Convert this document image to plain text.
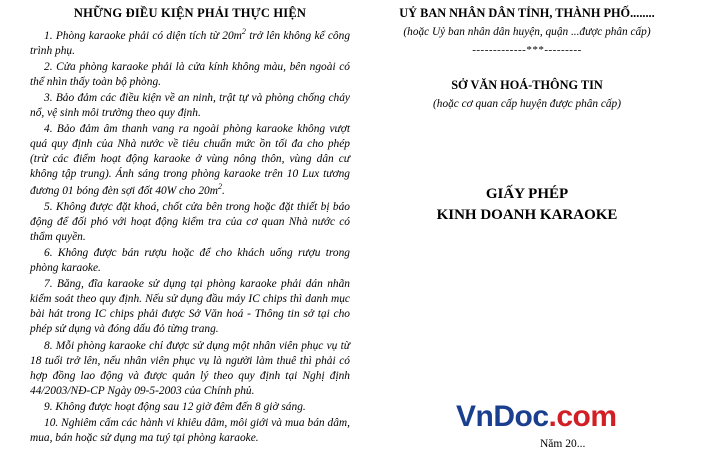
NHỮNG ĐIỀU KIỆN PHẢI THỰC HIỆN

1. Phòng karaoke phải có diện tích từ $20m^2$ trở lên không kể công trình phụ.

2. Cửa phòng karaoke phải là cửa kính không màu, bên ngoài có thể nhìn thấy toàn bộ phòng.

3. Bảo đảm các điều kiện về an ninh, trật tự và phòng chống cháy nổ, vệ sinh môi trường theo quy định.

4. Bảo đảm âm thanh vang ra ngoài phòng karaoke không vượt quá quy định của Nhà nước về tiêu chuẩn mức ồn tối đa cho phép (trừ các điểm hoạt động karaoke ở vùng nông thôn, vùng dân cư không tập trung). Ánh sáng trong phòng karaoke trên 10 Lux tương đương 01 bóng đèn sợi đốt 40W cho $20m^2$.

5. Không được đặt khoá, chốt cửa bên trong hoặc đặt thiết bị báo động để đối phó với hoạt động kiểm tra của cơ quan Nhà nước có thẩm quyền.

6. Không được bán rượu hoặc để cho khách uống rượu trong phòng karaoke.

7. Băng, đĩa karaoke sử dụng tại phòng karaoke phải dán nhãn kiểm soát theo quy định. Nếu sử dụng đầu máy IC chips thì danh mục bài hát trong IC chips phải được Sở Văn hoá - Thông tin sở tại cho phép sử dụng và đóng dấu đỏ từng trang.

8. Mỗi phòng karaoke chỉ được sử dụng một nhân viên phục vụ từ 18 tuổi trở lên, nếu nhân viên phục vụ là người làm thuê thì phải có hợp đồng lao động và được quản lý theo quy định tại Nghị định 44/2003/NĐ-CP Ngày 09-5-2003 của Chính phủ.

9. Không được hoạt động sau 12 giờ đêm đến 8 giờ sáng.

10. Nghiêm cấm các hành vi khiêu dâm, môi giới và mua bán dâm, mua, bán hoặc sử dụng ma tuý tại phòng karaoke.

UỶ BAN NHÂN DÂN TỈNH, THÀNH PHỐ........
(hoặc Uỷ ban nhân dân huyện, quận ...được phân cấp)
-------------***---------
SỞ VĂN HOÁ-THÔNG TIN
(hoặc cơ quan cấp huyện được phân cấp)
GIẤY PHÉP
KINH DOANH KARAOKE
VnDoc.com
Năm 20...
